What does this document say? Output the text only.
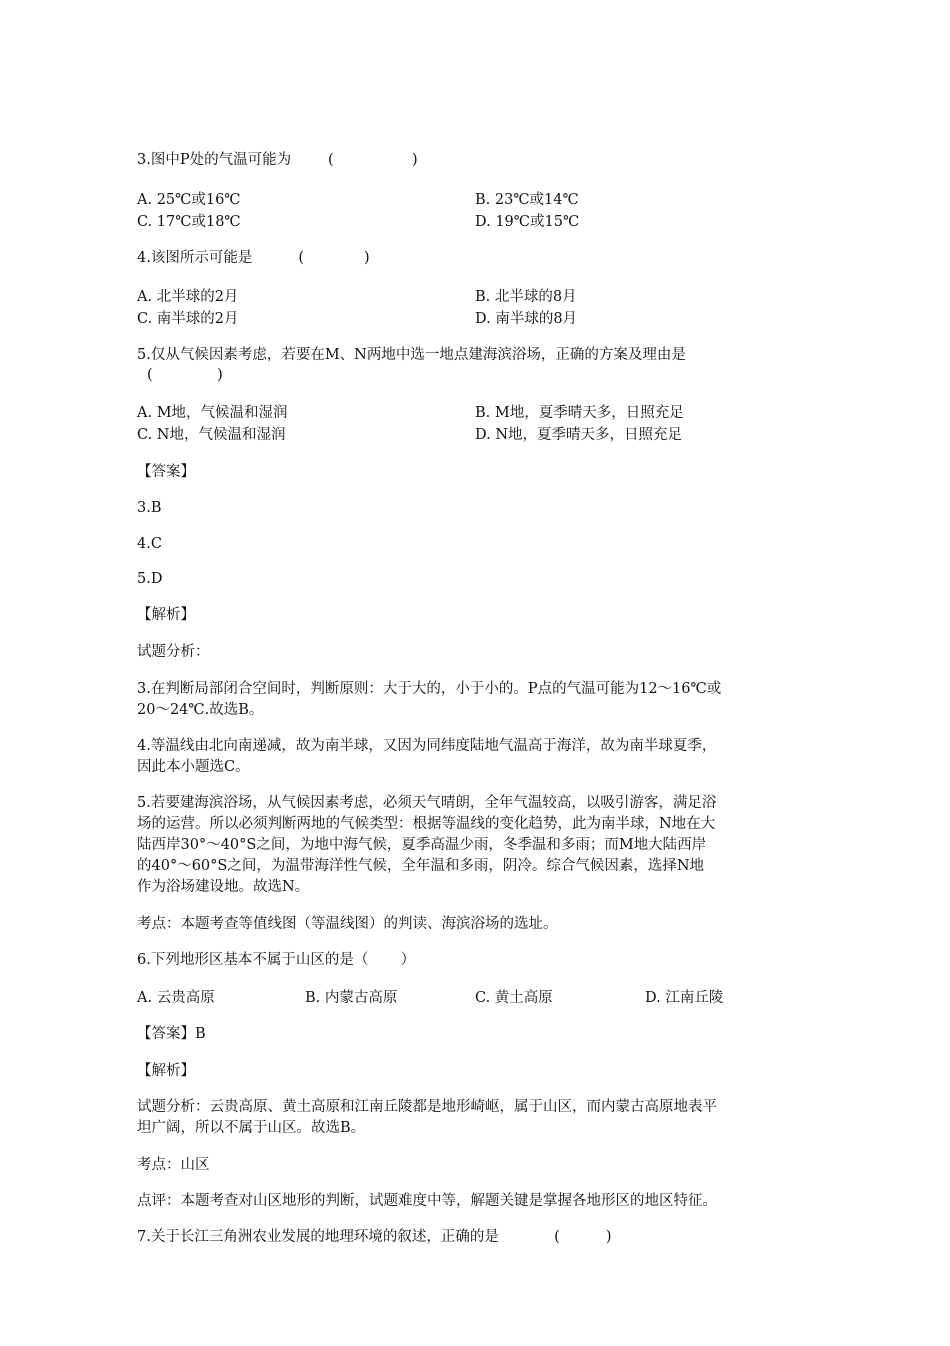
3.图中P处的气温可能为        (                 )
A. 25℃或16℃	B. 23℃或14℃
C. 17℃或18℃	D. 19℃或15℃
4.该图所示可能是          (             )
A. 北半球的2月	B. 北半球的8月
C. 南半球的2月	D. 南半球的8月
5.仅从气候因素考虑，若要在M、N两地中选一地点建海滨浴场，正确的方案及理由是
(              )
A. M地，气候温和湿润	B. M地，夏季晴天多，日照充足
C. N地，气候温和湿润	D. N地，夏季晴天多，日照充足
【答案】
3.B
4.C
5.D
【解析】
试题分析：
3.在判断局部闭合空间时，判断原则：大于大的，小于小的。P点的气温可能为12～16℃或
20～24℃.故选B。
4.等温线由北向南递减，故为南半球，又因为同纬度陆地气温高于海洋，故为南半球夏季，
因此本小题选C。
5.若要建海滨浴场，从气候因素考虑，必须天气晴朗，全年气温较高，以吸引游客，满足浴
场的运营。所以必须判断两地的气候类型：根据等温线的变化趋势，此为南半球，N地在大
陆西岸30°～40°S之间，为地中海气候，夏季高温少雨，冬季温和多雨；而M地大陆西岸
的40°～60°S之间，为温带海洋性气候，全年温和多雨，阴冷。综合气候因素，选择N地
作为浴场建设地。故选N。
考点：本题考查等值线图（等温线图）的判读、海滨浴场的选址。
6.下列地形区基本不属于山区的是（       ）
A. 云贵高原	B. 内蒙古高原	C. 黄土高原	D. 江南丘陵
【答案】B
【解析】
试题分析：云贵高原、黄土高原和江南丘陵都是地形崎岖，属于山区，而内蒙古高原地表平
坦广阔，所以不属于山区。故选B。
考点：山区
点评：本题考查对山区地形的判断，试题难度中等，解题关键是掌握各地形区的地区特征。
7.关于长江三角洲农业发展的地理环境的叙述，正确的是            (          )
